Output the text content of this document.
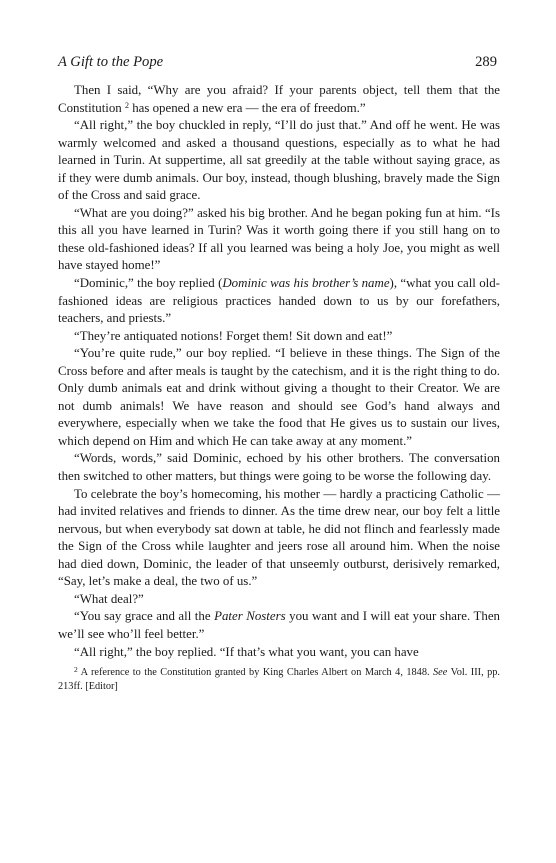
A Gift to the Pope	289

Then I said, “Why are you afraid? If your parents object, tell them that the Constitution $^2$ has opened a new era — the era of freedom.”

“All right,” the boy chuckled in reply, “I’ll do just that.” And off he went. He was warmly welcomed and asked a thousand questions, especially as to what he had learned in Turin. At suppertime, all sat greedily at the table without saying grace, as if they were dumb animals. Our boy, instead, though blushing, bravely made the Sign of the Cross and said grace.

“What are you doing?” asked his big brother. And he began poking fun at him. “Is this all you have learned in Turin? Was it worth going there if you still hang on to these old-fashioned ideas? If all you learned was being a holy Joe, you might as well have stayed home!”

“Dominic,” the boy replied (Dominic was his brother’s name), “what you call old-fashioned ideas are religious practices handed down to us by our forefathers, teachers, and priests.”

“They’re antiquated notions! Forget them! Sit down and eat!”

“You’re quite rude,” our boy replied. “I believe in these things. The Sign of the Cross before and after meals is taught by the catechism, and it is the right thing to do. Only dumb animals eat and drink without giving a thought to their Creator. We are not dumb animals! We have reason and should see God’s hand always and everywhere, especially when we take the food that He gives us to sustain our lives, which depend on Him and which He can take away at any moment.”

“Words, words,” said Dominic, echoed by his other brothers. The conversation then switched to other matters, but things were going to be worse the following day.

To celebrate the boy’s homecoming, his mother — hardly a practicing Catholic — had invited relatives and friends to dinner. As the time drew near, our boy felt a little nervous, but when everybody sat down at table, he did not flinch and fearlessly made the Sign of the Cross while laughter and jeers rose all around him. When the noise had died down, Dominic, the leader of that unseemly outburst, derisively remarked, “Say, let’s make a deal, the two of us.”

“What deal?”

“You say grace and all the Pater Nosters you want and I will eat your share. Then we’ll see who’ll feel better.”

“All right,” the boy replied. “If that’s what you want, you can have

$^2$ A reference to the Constitution granted by King Charles Albert on March 4, 1848. See Vol. III, pp. 213ff. [Editor]
